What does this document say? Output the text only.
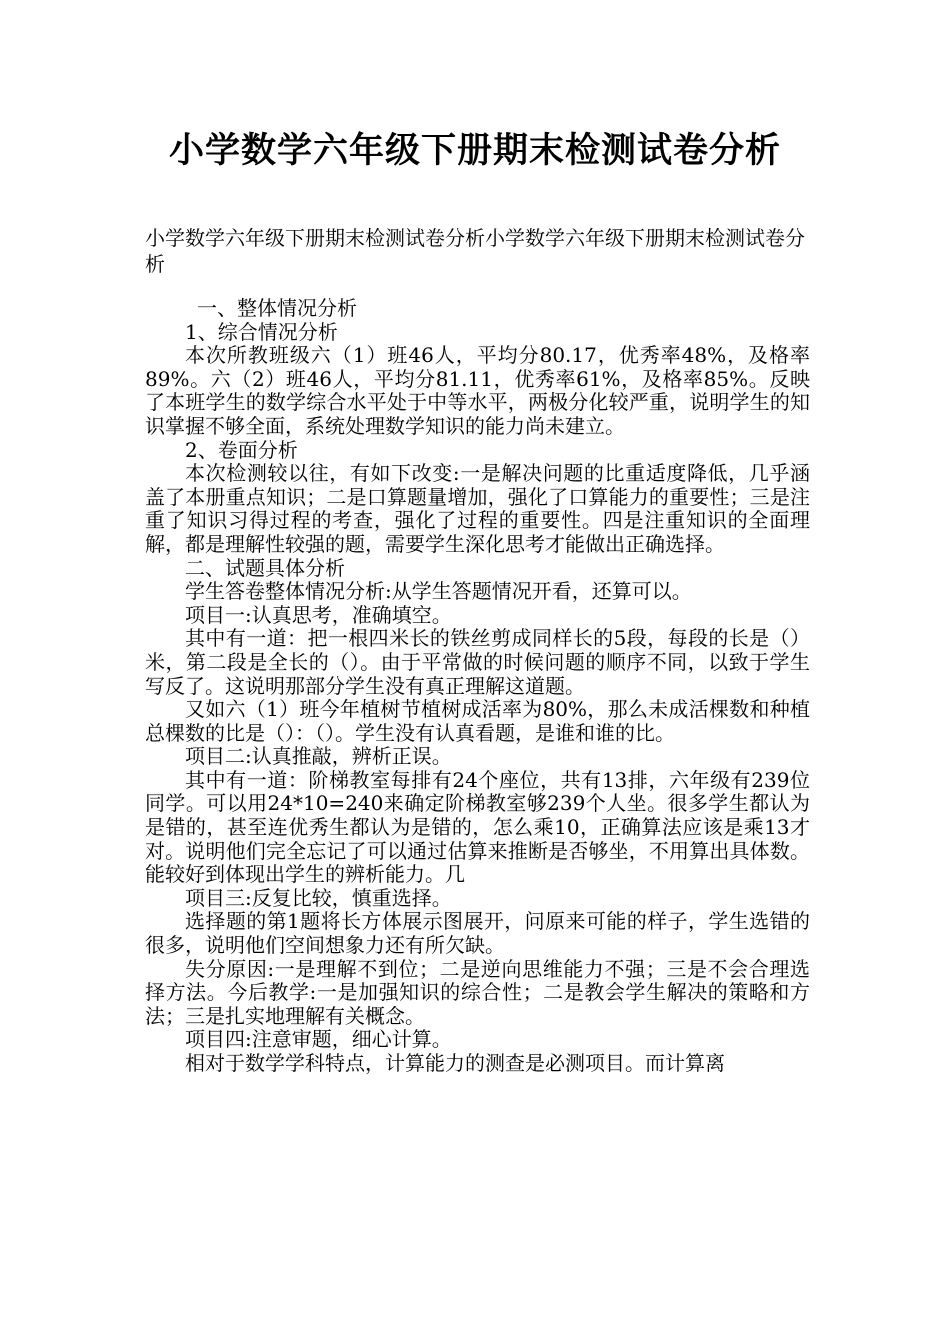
小学数学六年级下册期末检测试卷分析

小学数学六年级下册期末检测试卷分析小学数学六年级下册期末检测试卷分析

一、整体情况分析

1、综合情况分析

本次所教班级六（1）班46人，平均分80.17，优秀率48%，及格率89%。六（2）班46人，平均分81.11，优秀率61%，及格率85%。反映了本班学生的数学综合水平处于中等水平，两极分化较严重，说明学生的知识掌握不够全面，系统处理数学知识的能力尚未建立。

2、卷面分析

本次检测较以往，有如下改变:一是解决问题的比重适度降低，几乎涵盖了本册重点知识；二是口算题量增加，强化了口算能力的重要性；三是注重了知识习得过程的考查，强化了过程的重要性。四是注重知识的全面理解，都是理解性较强的题，需要学生深化思考才能做出正确选择。

二、试题具体分析

学生答卷整体情况分析:从学生答题情况开看，还算可以。

项目一:认真思考，准确填空。

其中有一道：把一根四米长的铁丝剪成同样长的5段，每段的长是（）米，第二段是全长的（）。由于平常做的时候问题的顺序不同，以致于学生写反了。这说明那部分学生没有真正理解这道题。

又如六（1）班今年植树节植树成活率为80%，那么未成活棵数和种植总棵数的比是（）：（）。学生没有认真看题，是谁和谁的比。

项目二:认真推敲，辨析正误。

其中有一道：阶梯教室每排有24个座位，共有13排，六年级有239位同学。可以用24*10=240来确定阶梯教室够239个人坐。很多学生都认为是错的，甚至连优秀生都认为是错的，怎么乘10，正确算法应该是乘13才对。说明他们完全忘记了可以通过估算来推断是否够坐，不用算出具体数。能较好到体现出学生的辨析能力。几

项目三:反复比较，慎重选择。

选择题的第1题将长方体展示图展开，问原来可能的样子，学生选错的很多，说明他们空间想象力还有所欠缺。

失分原因:一是理解不到位；二是逆向思维能力不强；三是不会合理选择方法。今后教学:一是加强知识的综合性；二是教会学生解决的策略和方法；三是扎实地理解有关概念。

项目四:注意审题，细心计算。

相对于数学学科特点，计算能力的测查是必测项目。而计算离
